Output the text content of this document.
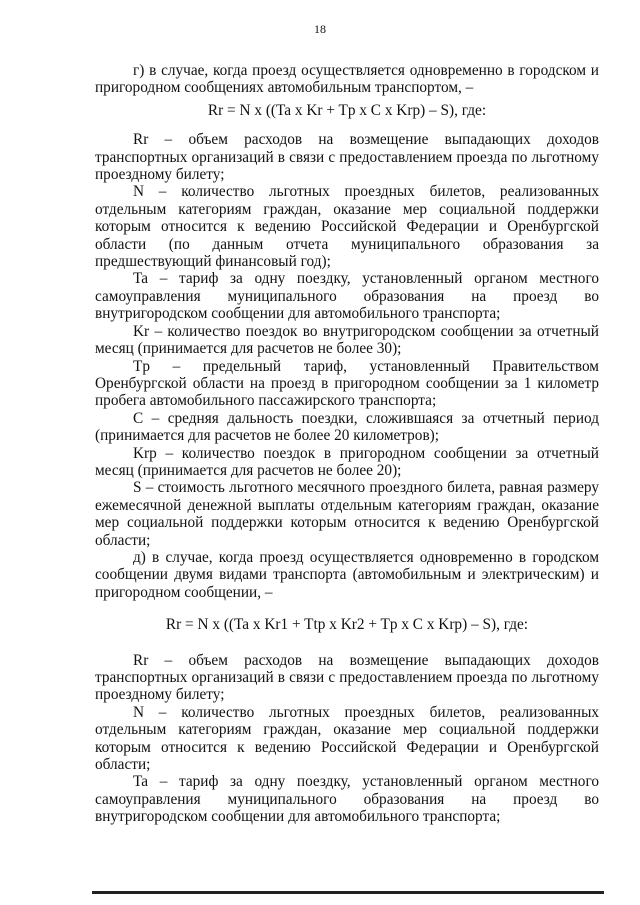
18

г) в случае, когда проезд осуществляется одновременно в городском и пригородном сообщениях автомобильным транспортом, –

Rr = N x ((Ta x Kr + Tp x C x Krp) – S), где:

Rr – объем расходов на возмещение выпадающих доходов транспортных организаций в связи с предоставлением проезда по льготному проездному билету;

N – количество льготных проездных билетов, реализованных отдельным категориям граждан, оказание мер социальной поддержки которым относится к ведению Российской Федерации и Оренбургской области (по данным отчета муниципального образования за предшествующий финансовый год);

Ta – тариф за одну поездку, установленный органом местного самоуправления муниципального образования на проезд во внутригородском сообщении для автомобильного транспорта;

Kr – количество поездок во внутригородском сообщении за отчетный месяц (принимается для расчетов не более 30);

Tp – предельный тариф, установленный Правительством Оренбургской области на проезд в пригородном сообщении за 1 километр пробега автомобильного пассажирского транспорта;

C – средняя дальность поездки, сложившаяся за отчетный период (принимается для расчетов не более 20 километров);

Krp – количество поездок в пригородном сообщении за отчетный месяц (принимается для расчетов не более 20);

S – стоимость льготного месячного проездного билета, равная размеру ежемесячной денежной выплаты отдельным категориям граждан, оказание мер социальной поддержки которым относится к ведению Оренбургской области;

д) в случае, когда проезд осуществляется одновременно в городском сообщении двумя видами транспорта (автомобильным и электрическим) и пригородном сообщении, –

Rr = N x ((Ta x Kr1 + Ttp x Kr2 + Tp x C x Krp) – S), где:

Rr – объем расходов на возмещение выпадающих доходов транспортных организаций в связи с предоставлением проезда по льготному проездному билету;

N – количество льготных проездных билетов, реализованных отдельным категориям граждан, оказание мер социальной поддержки которым относится к ведению Российской Федерации и Оренбургской области;

Ta – тариф за одну поездку, установленный органом местного самоуправления муниципального образования на проезд во внутригородском сообщении для автомобильного транспорта;
